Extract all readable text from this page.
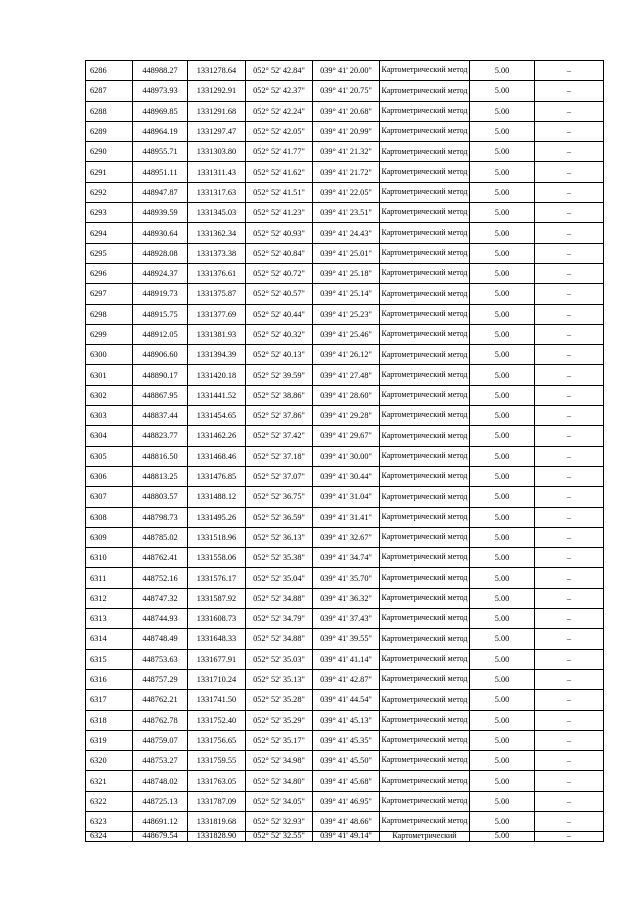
6286	448988.27	1331278.64	052° 52' 42.84"	039° 41' 20.00"	Картометрический метод	5.00	–
6287	448973.93	1331292.91	052° 52' 42.37"	039° 41' 20.75"	Картометрический метод	5.00	–
6288	448969.85	1331291.68	052° 52' 42.24"	039° 41' 20.68"	Картометрический метод	5.00	–
6289	448964.19	1331297.47	052° 52' 42.05"	039° 41' 20.99"	Картометрический метод	5.00	–
6290	448955.71	1331303.80	052° 52' 41.77"	039° 41' 21.32"	Картометрический метод	5.00	–
6291	448951.11	1331311.43	052° 52' 41.62"	039° 41' 21.72"	Картометрический метод	5.00	–
6292	448947.87	1331317.63	052° 52' 41.51"	039° 41' 22.05"	Картометрический метод	5.00	–
6293	448939.59	1331345.03	052° 52' 41.23"	039° 41' 23.51"	Картометрический метод	5.00	–
6294	448930.64	1331362.34	052° 52' 40.93"	039° 41' 24.43"	Картометрический метод	5.00	–
6295	448928.08	1331373.38	052° 52' 40.84"	039° 41' 25.01"	Картометрический метод	5.00	–
6296	448924.37	1331376.61	052° 52' 40.72"	039° 41' 25.18"	Картометрический метод	5.00	–
6297	448919.73	1331375.87	052° 52' 40.57"	039° 41' 25.14"	Картометрический метод	5.00	–
6298	448915.75	1331377.69	052° 52' 40.44"	039° 41' 25.23"	Картометрический метод	5.00	–
6299	448912.05	1331381.93	052° 52' 40.32"	039° 41' 25.46"	Картометрический метод	5.00	–
6300	448906.60	1331394.39	052° 52' 40.13"	039° 41' 26.12"	Картометрический метод	5.00	–
6301	448890.17	1331420.18	052° 52' 39.59"	039° 41' 27.48"	Картометрический метод	5.00	–
6302	448867.95	1331441.52	052° 52' 38.86"	039° 41' 28.60"	Картометрический метод	5.00	–
6303	448837.44	1331454.65	052° 52' 37.86"	039° 41' 29.28"	Картометрический метод	5.00	–
6304	448823.77	1331462.26	052° 52' 37.42"	039° 41' 29.67"	Картометрический метод	5.00	–
6305	448816.50	1331468.46	052° 52' 37.18"	039° 41' 30.00"	Картометрический метод	5.00	–
6306	448813.25	1331476.85	052° 52' 37.07"	039° 41' 30.44"	Картометрический метод	5.00	–
6307	448803.57	1331488.12	052° 52' 36.75"	039° 41' 31.04"	Картометрический метод	5.00	–
6308	448798.73	1331495.26	052° 52' 36.59"	039° 41' 31.41"	Картометрический метод	5.00	–
6309	448785.02	1331518.96	052° 52' 36.13"	039° 41' 32.67"	Картометрический метод	5.00	–
6310	448762.41	1331558.06	052° 52' 35.38"	039° 41' 34.74"	Картометрический метод	5.00	–
6311	448752.16	1331576.17	052° 52' 35.04"	039° 41' 35.70"	Картометрический метод	5.00	–
6312	448747.32	1331587.92	052° 52' 34.88"	039° 41' 36.32"	Картометрический метод	5.00	–
6313	448744.93	1331608.73	052° 52' 34.79"	039° 41' 37.43"	Картометрический метод	5.00	–
6314	448748.49	1331648.33	052° 52' 34.88"	039° 41' 39.55"	Картометрический метод	5.00	–
6315	448753.63	1331677.91	052° 52' 35.03"	039° 41' 41.14"	Картометрический метод	5.00	–
6316	448757.29	1331710.24	052° 52' 35.13"	039° 41' 42.87"	Картометрический метод	5.00	–
6317	448762.21	1331741.50	052° 52' 35.28"	039° 41' 44.54"	Картометрический метод	5.00	–
6318	448762.78	1331752.40	052° 52' 35.29"	039° 41' 45.13"	Картометрический метод	5.00	–
6319	448759.07	1331756.65	052° 52' 35.17"	039° 41' 45.35"	Картометрический метод	5.00	–
6320	448753.27	1331759.55	052° 52' 34.98"	039° 41' 45.50"	Картометрический метод	5.00	–
6321	448748.02	1331763.05	052° 52' 34.80"	039° 41' 45.68"	Картометрический метод	5.00	–
6322	448725.13	1331787.09	052° 52' 34.05"	039° 41' 46.95"	Картометрический метод	5.00	–
6323	448691.12	1331819.68	052° 52' 32.93"	039° 41' 48.66"	Картометрический метод	5.00	–
6324	448679.54	1331828.90	052° 52' 32.55"	039° 41' 49.14"	Картометрический	5.00	–
